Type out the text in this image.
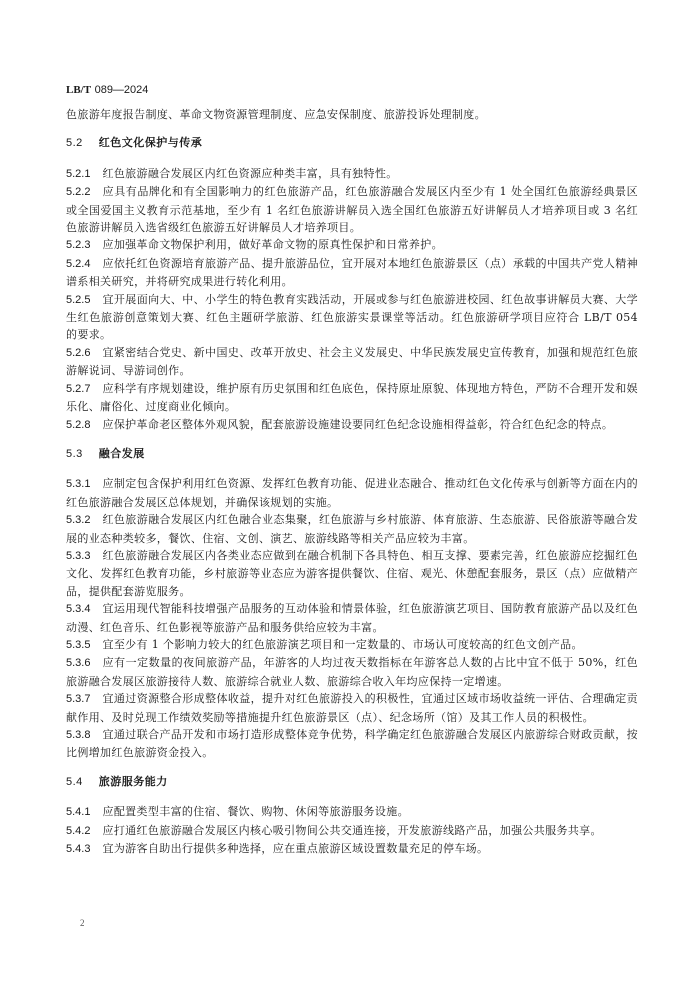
LB/T 089—2024

色旅游年度报告制度、革命文物资源管理制度、应急安保制度、旅游投诉处理制度。

5.2 红色文化保护与传承

5.2.1 红色旅游融合发展区内红色资源应种类丰富，具有独特性。

5.2.2 应具有品牌化和有全国影响力的红色旅游产品，红色旅游融合发展区内至少有 1 处全国红色旅游经典景区或全国爱国主义教育示范基地，至少有 1 名红色旅游讲解员入选全国红色旅游五好讲解员人才培养项目或 3 名红色旅游讲解员入选省级红色旅游五好讲解员人才培养项目。

5.2.3 应加强革命文物保护利用，做好革命文物的原真性保护和日常养护。

5.2.4 应依托红色资源培育旅游产品、提升旅游品位，宜开展对本地红色旅游景区（点）承载的中国共产党人精神谱系相关研究，并将研究成果进行转化利用。

5.2.5 宜开展面向大、中、小学生的特色教育实践活动，开展或参与红色旅游进校园、红色故事讲解员大赛、大学生红色旅游创意策划大赛、红色主题研学旅游、红色旅游实景课堂等活动。红色旅游研学项目应符合 LB/T 054 的要求。

5.2.6 宜紧密结合党史、新中国史、改革开放史、社会主义发展史、中华民族发展史宣传教育，加强和规范红色旅游解说词、导游词创作。

5.2.7 应科学有序规划建设，维护原有历史氛围和红色底色，保持原址原貌、体现地方特色，严防不合理开发和娱乐化、庸俗化、过度商业化倾向。

5.2.8 应保护革命老区整体外观风貌，配套旅游设施建设要同红色纪念设施相得益彰，符合红色纪念的特点。

5.3 融合发展

5.3.1 应制定包含保护利用红色资源、发挥红色教育功能、促进业态融合、推动红色文化传承与创新等方面在内的红色旅游融合发展区总体规划，并确保该规划的实施。

5.3.2 红色旅游融合发展区内红色融合业态集聚，红色旅游与乡村旅游、体育旅游、生态旅游、民俗旅游等融合发展的业态种类较多，餐饮、住宿、文创、演艺、旅游线路等相关产品应较为丰富。

5.3.3 红色旅游融合发展区内各类业态应做到在融合机制下各具特色、相互支撑、要素完善，红色旅游应挖掘红色文化、发挥红色教育功能，乡村旅游等业态应为游客提供餐饮、住宿、观光、休憩配套服务，景区（点）应做精产品，提供配套游览服务。

5.3.4 宜运用现代智能科技增强产品服务的互动体验和情景体验，红色旅游演艺项目、国防教育旅游产品以及红色动漫、红色音乐、红色影视等旅游产品和服务供给应较为丰富。

5.3.5 宜至少有 1 个影响力较大的红色旅游演艺项目和一定数量的、市场认可度较高的红色文创产品。

5.3.6 应有一定数量的夜间旅游产品，年游客的人均过夜天数指标在年游客总人数的占比中宜不低于 50%，红色旅游融合发展区旅游接待人数、旅游综合就业人数、旅游综合收入年均应保持一定增速。

5.3.7 宜通过资源整合形成整体收益，提升对红色旅游投入的积极性，宜通过区域市场收益统一评估、合理确定贡献作用、及时兑现工作绩效奖励等措施提升红色旅游景区（点）、纪念场所（馆）及其工作人员的积极性。

5.3.8 宜通过联合产品开发和市场打造形成整体竞争优势，科学确定红色旅游融合发展区内旅游综合财政贡献，按比例增加红色旅游资金投入。

5.4 旅游服务能力

5.4.1 应配置类型丰富的住宿、餐饮、购物、休闲等旅游服务设施。

5.4.2 应打通红色旅游融合发展区内核心吸引物间公共交通连接，开发旅游线路产品，加强公共服务共享。

5.4.3 宜为游客自助出行提供多种选择，应在重点旅游区域设置数量充足的停车场。

2
